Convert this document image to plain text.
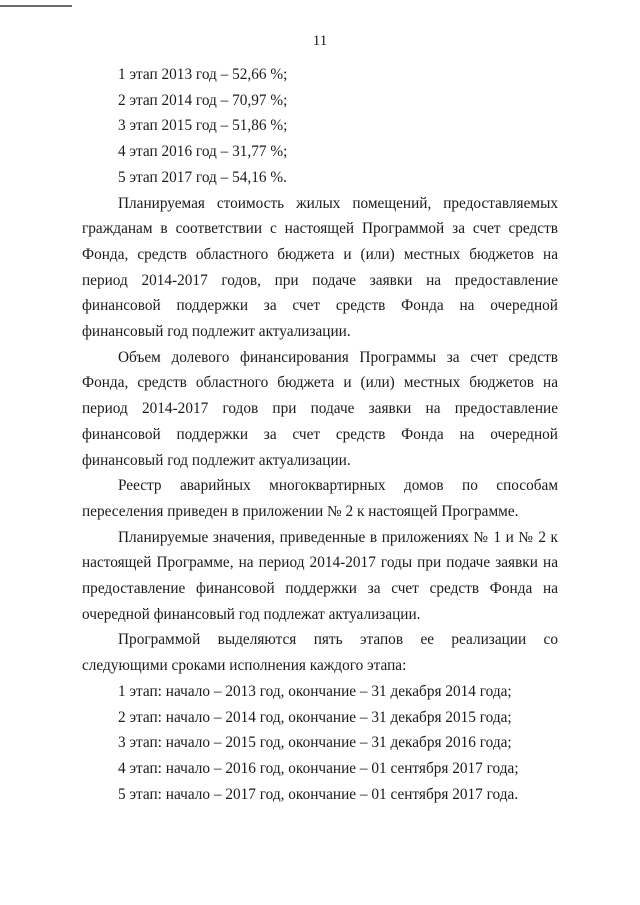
11

1 этап 2013 год – 52,66 %;

2 этап 2014 год – 70,97 %;

3 этап 2015 год – 51,86 %;

4 этап 2016 год – 31,77 %;

5 этап 2017 год – 54,16 %.

Планируемая стоимость жилых помещений, предоставляемых гражданам в соответствии с настоящей Программой за счет средств Фонда, средств областного бюджета и (или) местных бюджетов на период 2014-2017 годов, при подаче заявки на предоставление финансовой поддержки за счет средств Фонда на очередной финансовый год подлежит актуализации.

Объем долевого финансирования Программы за счет средств Фонда, средств областного бюджета и (или) местных бюджетов на период 2014-2017 годов при подаче заявки на предоставление финансовой поддержки за счет средств Фонда на очередной финансовый год подлежит актуализации.

Реестр аварийных многоквартирных домов по способам переселения приведен в приложении № 2 к настоящей Программе.

Планируемые значения, приведенные в приложениях № 1 и № 2 к настоящей Программе, на период 2014-2017 годы при подаче заявки на предоставление финансовой поддержки за счет средств Фонда на очередной финансовый год подлежат актуализации.

Программой выделяются пять этапов ее реализации со следующими сроками исполнения каждого этапа:

1 этап: начало – 2013 год, окончание – 31 декабря 2014 года;

2 этап: начало – 2014 год, окончание – 31 декабря 2015 года;

3 этап: начало – 2015 год, окончание – 31 декабря 2016 года;

4 этап: начало – 2016 год, окончание – 01 сентября 2017 года;

5 этап: начало – 2017 год, окончание – 01 сентября 2017 года.
